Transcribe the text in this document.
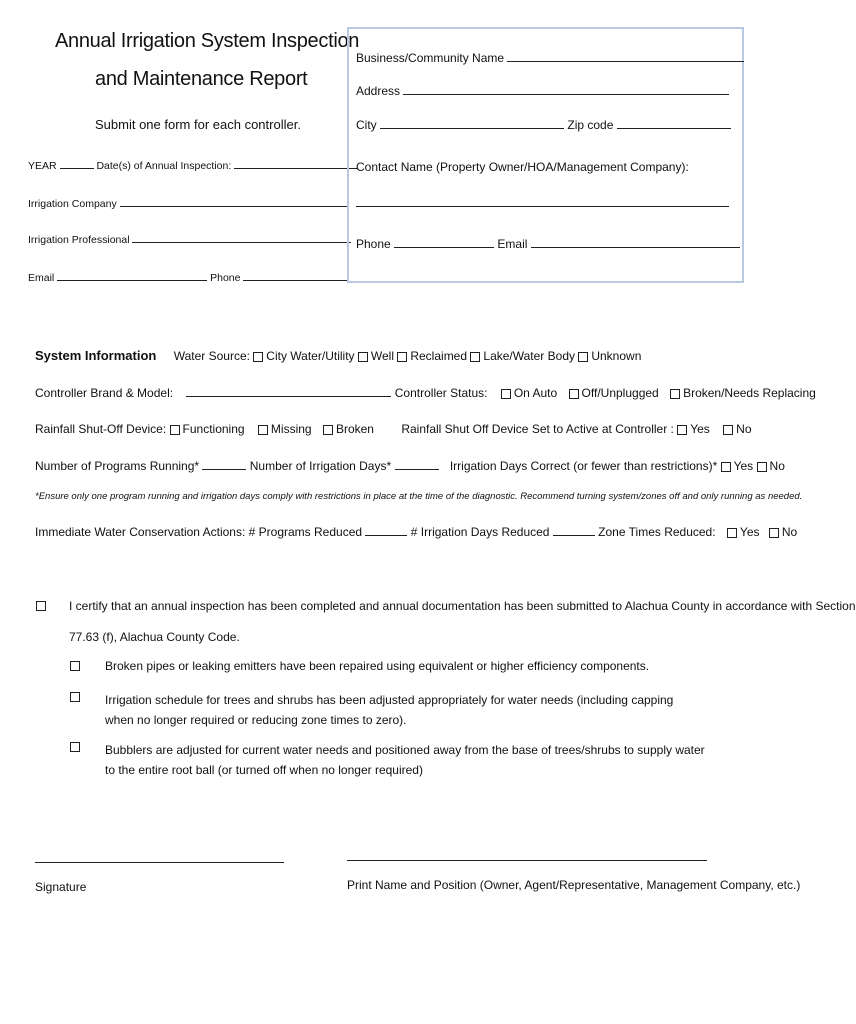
Annual Irrigation System Inspection
and Maintenance Report
Submit one form for each controller.
YEAR	Date(s) of Annual Inspection:
Irrigation Company
Irrigation Professional
Email	Phone
Business/Community Name
Address
City	Zip code
Contact Name (Property Owner/HOA/Management Company):
Phone	Email
System Information Water Source: City Water/Utility Well Reclaimed Lake/Water Body Unknown
Controller Brand & Model:	Controller Status: On Auto Off/Unplugged Broken/Needs Replacing
Rainfall Shut-Off Device: Functioning Missing Broken Rainfall Shut Off Device Set to Active at Controller : Yes No
Number of Programs Running*	Number of Irrigation Days*	Irrigation Days Correct (or fewer than restrictions)* Yes No
*Ensure only one program running and irrigation days comply with restrictions in place at the time of the diagnostic. Recommend turning system/zones off and only running as needed.
Immediate Water Conservation Actions: # Programs Reduced	# Irrigation Days Reduced	Zone Times Reduced: Yes No
I certify that an annual inspection has been completed and annual documentation has been submitted to Alachua County in accordance with Section
77.63 (f), Alachua County Code.
Broken pipes or leaking emitters have been repaired using equivalent or higher efficiency components.
Irrigation schedule for trees and shrubs has been adjusted appropriately for water needs (including capping when no longer required or reducing zone times to zero).
Bubblers are adjusted for current water needs and positioned away from the base of trees/shrubs to supply water to the entire root ball (or turned off when no longer required)
Signature	Print Name and Position (Owner, Agent/Representative, Management Company, etc.)
